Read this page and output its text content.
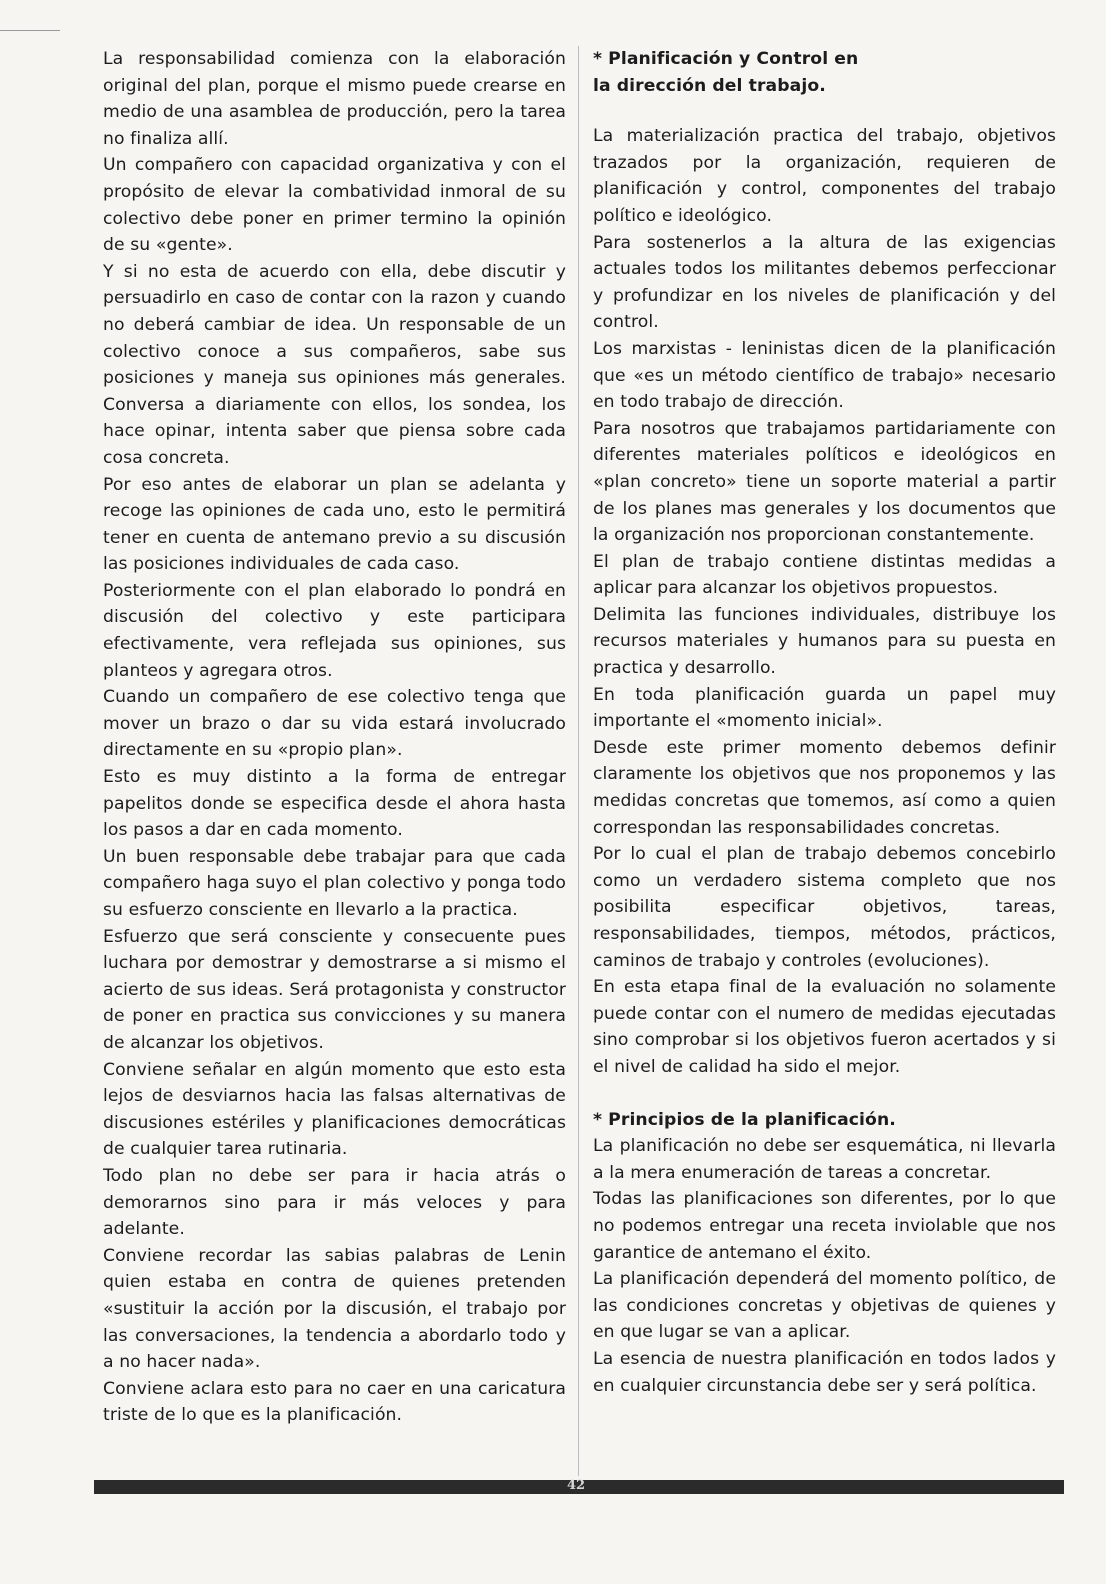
La responsabilidad comienza con la elaboración original del plan, porque el mismo puede crearse en medio de una asamblea de producción, pero la tarea no finaliza allí.

Un compañero con capacidad organizativa y con el propósito de elevar la combatividad inmoral de su colectivo debe poner en primer termino la opinión de su «gente».

Y si no esta de acuerdo con ella, debe discutir y persuadirlo en caso de contar con la razon y cuando no deberá cambiar de idea. Un responsable de un colectivo conoce a sus compañeros, sabe sus posiciones y maneja sus opiniones más generales. Conversa a diariamente con ellos, los sondea, los hace opinar, intenta saber que piensa sobre cada cosa concreta.

Por eso antes de elaborar un plan se adelanta y recoge las opiniones de cada uno, esto le permitirá tener en cuenta de antemano previo a su discusión las posiciones individuales de cada caso.

Posteriormente con el plan elaborado lo pondrá en discusión del colectivo y este participara efectivamente, vera reflejada sus opiniones, sus planteos y agregara otros.

Cuando un compañero de ese colectivo tenga que mover un brazo o dar su vida estará involucrado directamente en su «propio plan».

Esto es muy distinto a la forma de entregar papelitos donde se especifica desde el ahora hasta los pasos a dar en cada momento.

Un buen responsable debe trabajar para que cada compañero haga suyo el plan colectivo y ponga todo su esfuerzo consciente en llevarlo a la practica.

Esfuerzo que será consciente y consecuente pues luchara por demostrar y demostrarse a si mismo el acierto de sus ideas. Será protagonista y constructor de poner en practica sus convicciones y su manera de alcanzar los objetivos.

Conviene señalar en algún momento que esto esta lejos de desviarnos hacia las falsas alternativas de discusiones estériles y planificaciones democráticas de cualquier tarea rutinaria.

Todo plan no debe ser para ir hacia atrás o demorarnos sino para ir más veloces y para adelante.

Conviene recordar las sabias palabras de Lenin quien estaba en contra de quienes pretenden «sustituir la acción por la discusión, el trabajo por las conversaciones, la tendencia a abordarlo todo y a no hacer nada».

Conviene aclara esto para no caer en una caricatura triste de lo que es la planificación.

* Planificación y Control en
la dirección del trabajo.

La materialización practica del trabajo, objetivos trazados por la organización, requieren de planificación y control, componentes del trabajo político e ideológico.

Para sostenerlos a la altura de las exigencias actuales todos los militantes debemos perfeccionar y profundizar en los niveles de planificación y del control.

Los marxistas - leninistas dicen de la planificación que «es un método científico de trabajo» necesario en todo trabajo de dirección.

Para nosotros que trabajamos partidariamente con diferentes materiales políticos e ideológicos en «plan concreto» tiene un soporte material a partir de los planes mas generales y los documentos que la organización nos proporcionan constantemente.

El plan de trabajo contiene distintas medidas a aplicar para alcanzar los objetivos propuestos.

Delimita las funciones individuales, distribuye los recursos materiales y humanos para su puesta en practica y desarrollo.

En toda planificación guarda un papel muy importante el «momento inicial».

Desde este primer momento debemos definir claramente los objetivos que nos proponemos y las medidas concretas que tomemos, así como a quien correspondan las responsabilidades concretas.

Por lo cual el plan de trabajo debemos concebirlo como un verdadero sistema completo que nos posibilita especificar objetivos, tareas, responsabilidades, tiempos, métodos, prácticos, caminos de trabajo y controles (evoluciones).

En esta etapa final de la evaluación no solamente puede contar con el numero de medidas ejecutadas sino comprobar si los objetivos fueron acertados y si el nivel de calidad ha sido el mejor.

* Principios de la planificación.

La planificación no debe ser esquemática, ni llevarla a la mera enumeración de tareas a concretar.

Todas las planificaciones son diferentes, por lo que no podemos entregar una receta inviolable que nos garantice de antemano el éxito.

La planificación dependerá del momento político, de las condiciones concretas y objetivas de quienes y en que lugar se van a aplicar.

La esencia de nuestra planificación en todos lados y en cualquier circunstancia debe ser y será política.

42
